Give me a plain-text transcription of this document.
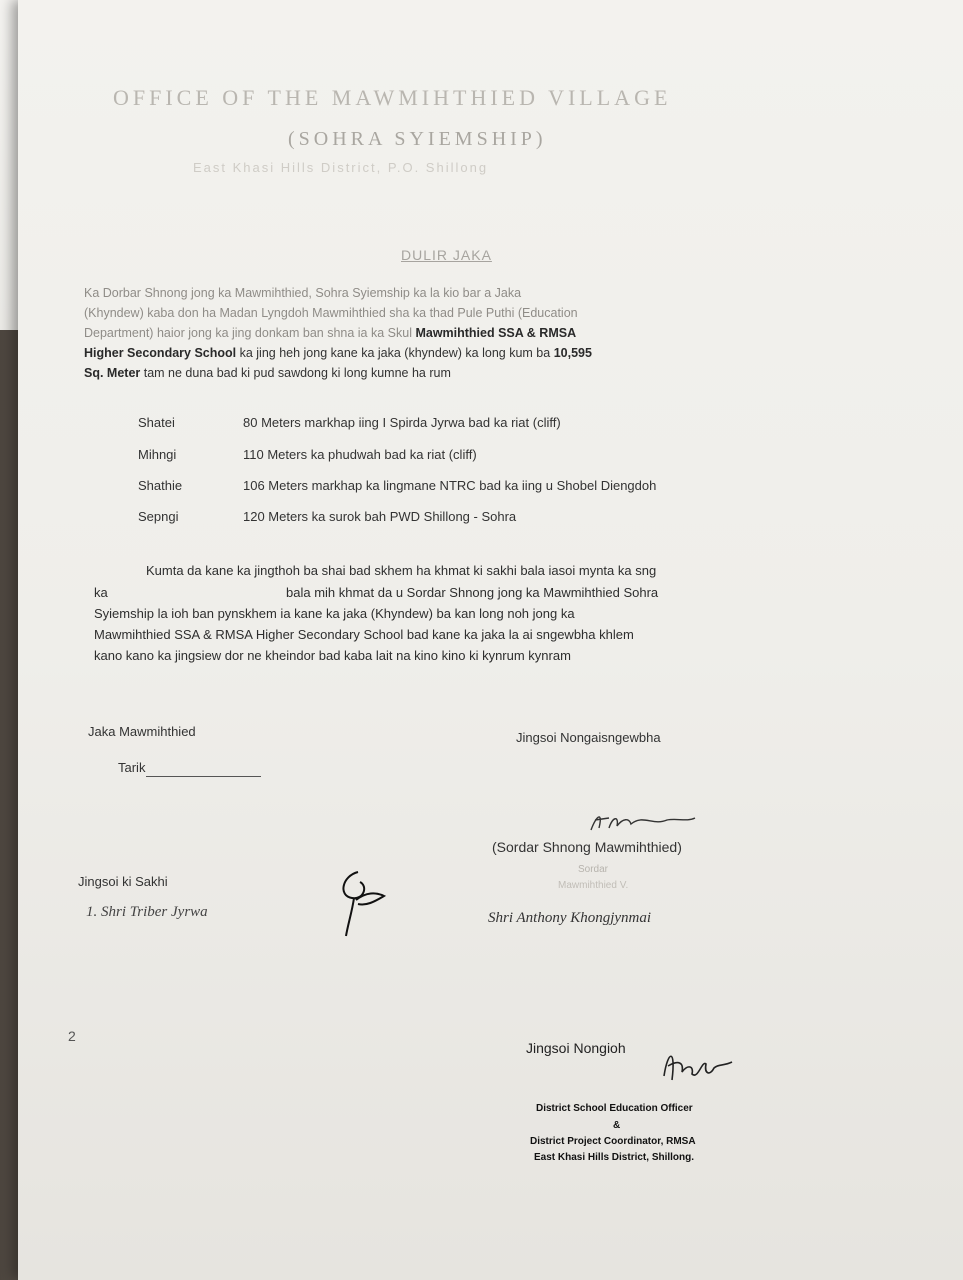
OFFICE OF THE MAWMIHTHIED VILLAGE
(SOHRA SYIEMSHIP)
East Khasi Hills District, P.O. Shillong
DULIR JAKA
Ka Dorbar Shnong jong ka Mawmihthied, Sohra Syiemship ka la kio bar a Jaka
(Khyndew) kaba don ha Madan Lyngdoh Mawmihthied sha ka thad Pule Puthi (Education
Department) haior jong ka jing donkam ban shna ia ka Skul Mawmihthied SSA & RMSA
Higher Secondary School ka jing heh jong kane ka jaka (khyndew) ka long kum ba 10,595
Sq. Meter tam ne duna bad ki pud sawdong ki long kumne ha rum
Shatei	80 Meters markhap iing I Spirda Jyrwa bad ka riat (cliff)
Mihngi	110 Meters ka phudwah bad ka riat (cliff)
Shathie	106 Meters markhap ka lingmane NTRC bad ka iing u Shobel Diengdoh
Sepngi	120 Meters ka surok bah PWD Shillong - Sohra
Kumta da kane ka jingthoh ba shai bad skhem ha khmat ki sakhi bala iasoi mynta ka sng
ka	bala mih khmat da u Sordar Shnong jong ka Mawmihthied Sohra
Syiemship la ioh ban pynskhem ia kane ka jaka (Khyndew) ba kan long noh jong ka
Mawmihthied SSA & RMSA Higher Secondary School bad kane ka jaka la ai sngewbha khlem
kano kano ka jingsiew dor ne kheindor bad kaba lait na kino kino ki kynrum kynram
Jaka Mawmihthied
Tarik
Jingsoi Nongaisngewbha
(Sordar Shnong Mawmihthied)
Sordar
Mawmihthied V.
Jingsoi ki Sakhi
1. Shri Triber Jyrwa	Shri Anthony Khongjynmai
2
Jingsoi Nongioh
District School Education Officer
&
District Project Coordinator, RMSA
East Khasi Hills District, Shillong.
